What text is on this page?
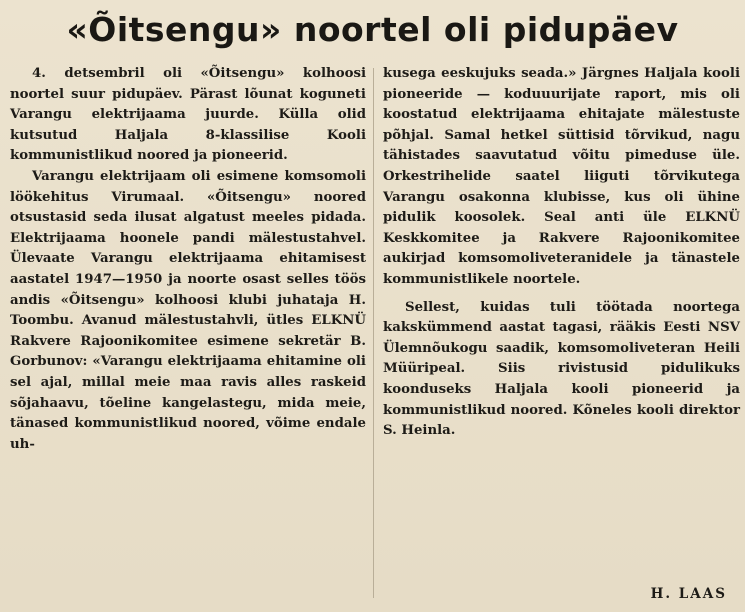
«Õitsengu» noortel oli pidupäev

4. detsembril oli «Õitsengu» kolhoosi noortel suur pidupäev. Pärast lõunat koguneti Varangu elektrijaama juurde. Külla olid kutsutud Haljala 8-klassilise Kooli kommunistlikud noored ja pioneerid.

Varangu elektrijaam oli esimene komsomoli löökehitus Virumaal. «Õitsengu» noored otsustasid seda ilusat algatust meeles pidada. Elektrijaama hoonele pandi mälestustahvel. Ülevaate Varangu elektrijaama ehitamisest aastatel 1947—1950 ja noorte osast selles töös andis «Õitsengu» kolhoosi klubi juhataja H. Toombu. Avanud mälestustahvli, ütles ELKNÜ Rakvere Rajoonikomitee esimene sekretär B. Gorbunov: «Varangu elektrijaama ehitamine oli sel ajal, millal meie maa ravis alles raskeid sõjahaavu, tõeline kangelastegu, mida meie, tänased kommunistlikud noored, võime endale uh-

kusega eeskujuks seada.» Järgnes Haljala kooli pioneeride — koduuurijate raport, mis oli koostatud elektrijaama ehitajate mälestuste põhjal. Samal hetkel süttisid tõrvikud, nagu tähistades saavutatud võitu pimeduse üle. Orkestrihelide saatel liiguti tõrvikutega Varangu osakonna klubisse, kus oli ühine pidulik koosolek. Seal anti üle ELKNÜ Keskkomitee ja Rakvere Rajoonikomitee aukirjad komsomoliveteranidele ja tänastele kommunistlikele noortele.

Sellest, kuidas tuli töötada noortega kakskümmend aastat tagasi, rääkis Eesti NSV Ülemnõukogu saadik, komsomoliveteran Heili Müüripeal. Siis rivistusid pidulikuks koonduseks Haljala kooli pioneerid ja kommunistlikud noored. Kõneles kooli direktor S. Heinla.

H. LAAS
